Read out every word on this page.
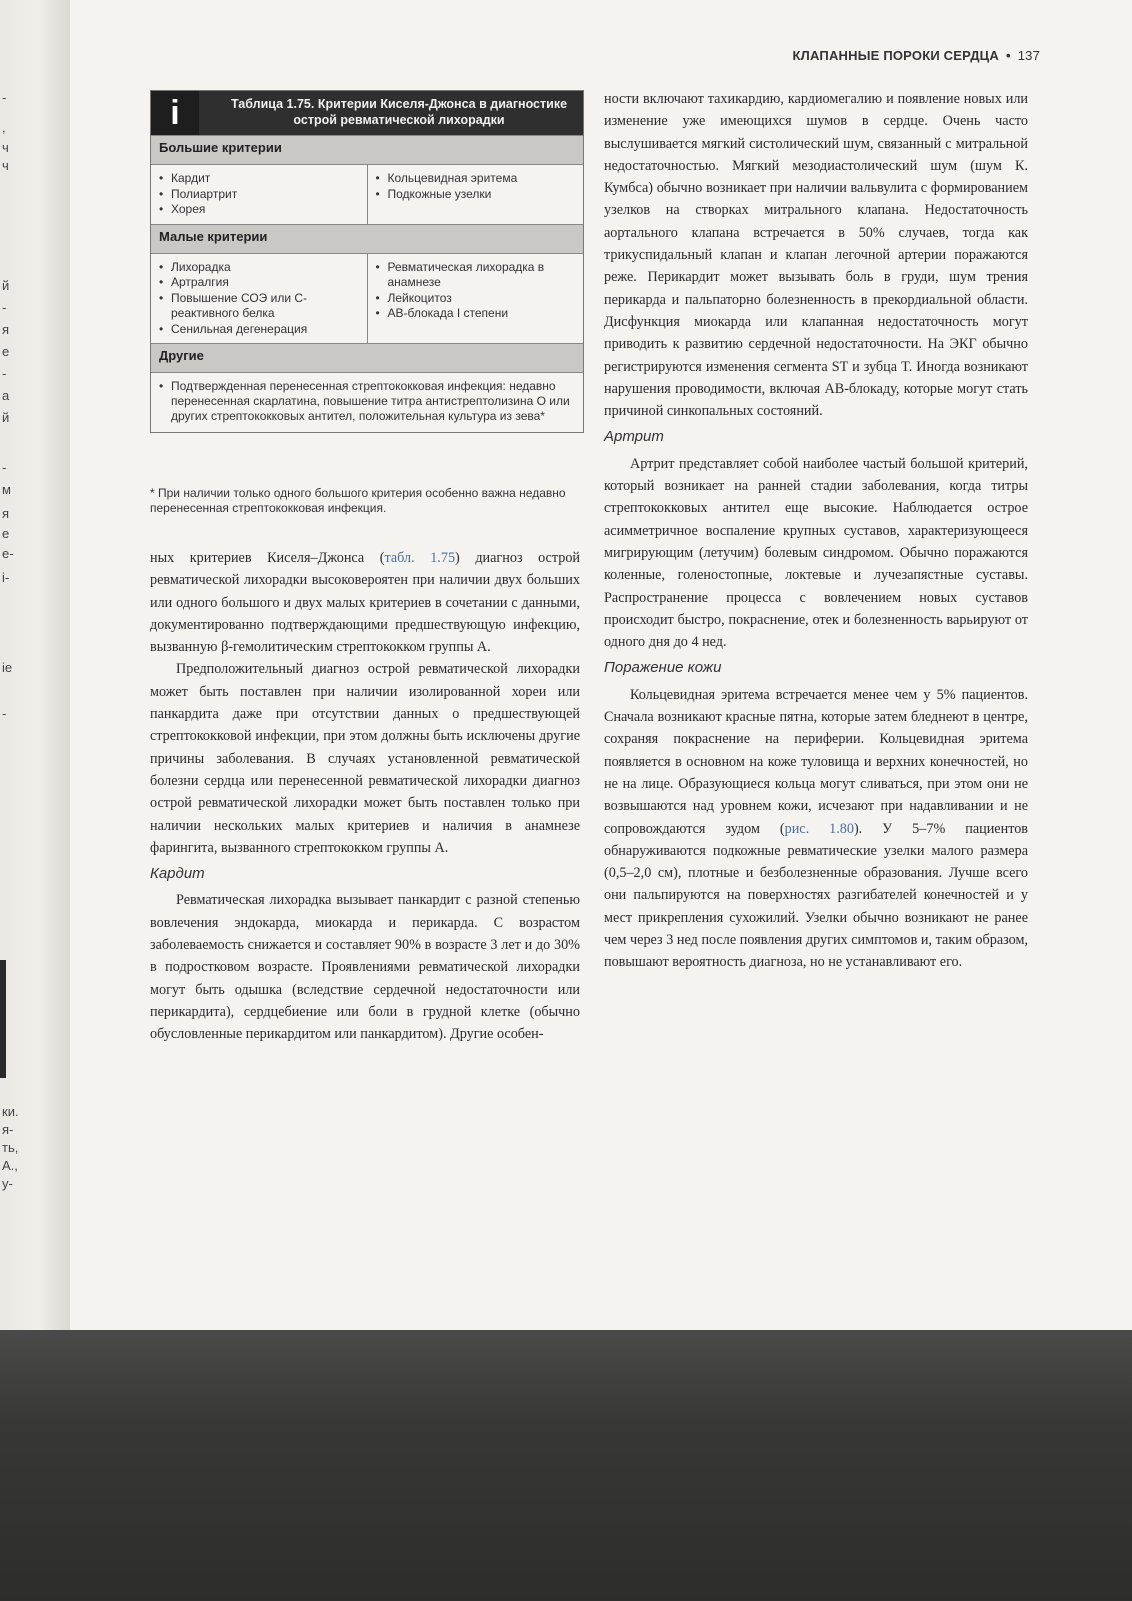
-
,
ч
ч
й
-
я
е
-
а
й
-
м
я
е
е-
і-
іе
-
ки.
я-
ть,
А.,
у-
КЛАПАННЫЕ ПОРОКИ СЕРДЦА • 137
i	Таблица 1.75. Критерии Киселя-Джонса в диагностике острой ревматической лихорадки
Большие критерии
• Кардит
• Полиартрит
• Хорея
• Кольцевидная эритема
• Подкожные узелки
Малые критерии
• Лихорадка
• Артралгия
• Повышение СОЭ или С-реактивного белка
• Сенильная дегенерация
• Ревматическая лихорадка в анамнезе
• Лейкоцитоз
• АВ-блокада I степени
Другие
• Подтвержденная перенесенная стрептококковая инфекция: недавно перенесенная скарлатина, повышение титра антистрептолизина О или других стрептококковых антител, положительная культура из зева*
* При наличии только одного большого критерия особенно важна недавно перенесенная стрептококковая инфекция.

ных критериев Киселя–Джонса (табл. 1.75) диагноз острой ревматической лихорадки высоковероятен при наличии двух больших или одного большого и двух малых критериев в сочетании с данными, документированно подтверждающими предшествующую инфекцию, вызванную β-гемолитическим стрептококком группы А.

Предположительный диагноз острой ревматической лихорадки может быть поставлен при наличии изолированной хореи или панкардита даже при отсутствии данных о предшествующей стрептококковой инфекции, при этом должны быть исключены другие причины заболевания. В случаях установленной ревматической болезни сердца или перенесенной ревматической лихорадки диагноз острой ревматической лихорадки может быть поставлен только при наличии нескольких малых критериев и наличия в анамнезе фарингита, вызванного стрептококком группы А.

Кардит

Ревматическая лихорадка вызывает панкардит с разной степенью вовлечения эндокарда, миокарда и перикарда. С возрастом заболеваемость снижается и составляет 90% в возрасте 3 лет и до 30% в подростковом возрасте. Проявлениями ревматической лихорадки могут быть одышка (вследствие сердечной недостаточности или перикардита), сердцебиение или боли в грудной клетке (обычно обусловленные перикардитом или панкардитом). Другие особен-

ности включают тахикардию, кардиомегалию и появление новых или изменение уже имеющихся шумов в сердце. Очень часто выслушивается мягкий систолический шум, связанный с митральной недостаточностью. Мягкий мезодиастолический шум (шум К. Кумбса) обычно возникает при наличии вальвулита с формированием узелков на створках митрального клапана. Недостаточность аортального клапана встречается в 50% случаев, тогда как трикуспидальный клапан и клапан легочной артерии поражаются реже. Перикардит может вызывать боль в груди, шум трения перикарда и пальпаторно болезненность в прекордиальной области. Дисфункция миокарда или клапанная недостаточность могут приводить к развитию сердечной недостаточности. На ЭКГ обычно регистрируются изменения сегмента ST и зубца T. Иногда возникают нарушения проводимости, включая АВ-блокаду, которые могут стать причиной синкопальных состояний.

Артрит

Артрит представляет собой наиболее частый большой критерий, который возникает на ранней стадии заболевания, когда титры стрептококковых антител еще высокие. Наблюдается острое асимметричное воспаление крупных суставов, характеризующееся мигрирующим (летучим) болевым синдромом. Обычно поражаются коленные, голеностопные, локтевые и лучезапястные суставы. Распространение процесса с вовлечением новых суставов происходит быстро, покраснение, отек и болезненность варьируют от одного дня до 4 нед.

Поражение кожи

Кольцевидная эритема встречается менее чем у 5% пациентов. Сначала возникают красные пятна, которые затем бледнеют в центре, сохраняя покраснение на периферии. Кольцевидная эритема появляется в основном на коже туловища и верхних конечностей, но не на лице. Образующиеся кольца могут сливаться, при этом они не возвышаются над уровнем кожи, исчезают при надавливании и не сопровождаются зудом (рис. 1.80). У 5–7% пациентов обнаруживаются подкожные ревматические узелки малого размера (0,5–2,0 см), плотные и безболезненные образования. Лучше всего они пальпируются на поверхностях разгибателей конечностей и у мест прикрепления сухожилий. Узелки обычно возникают не ранее чем через 3 нед после появления других симптомов и, таким образом, повышают вероятность диагноза, но не устанавливают его.
